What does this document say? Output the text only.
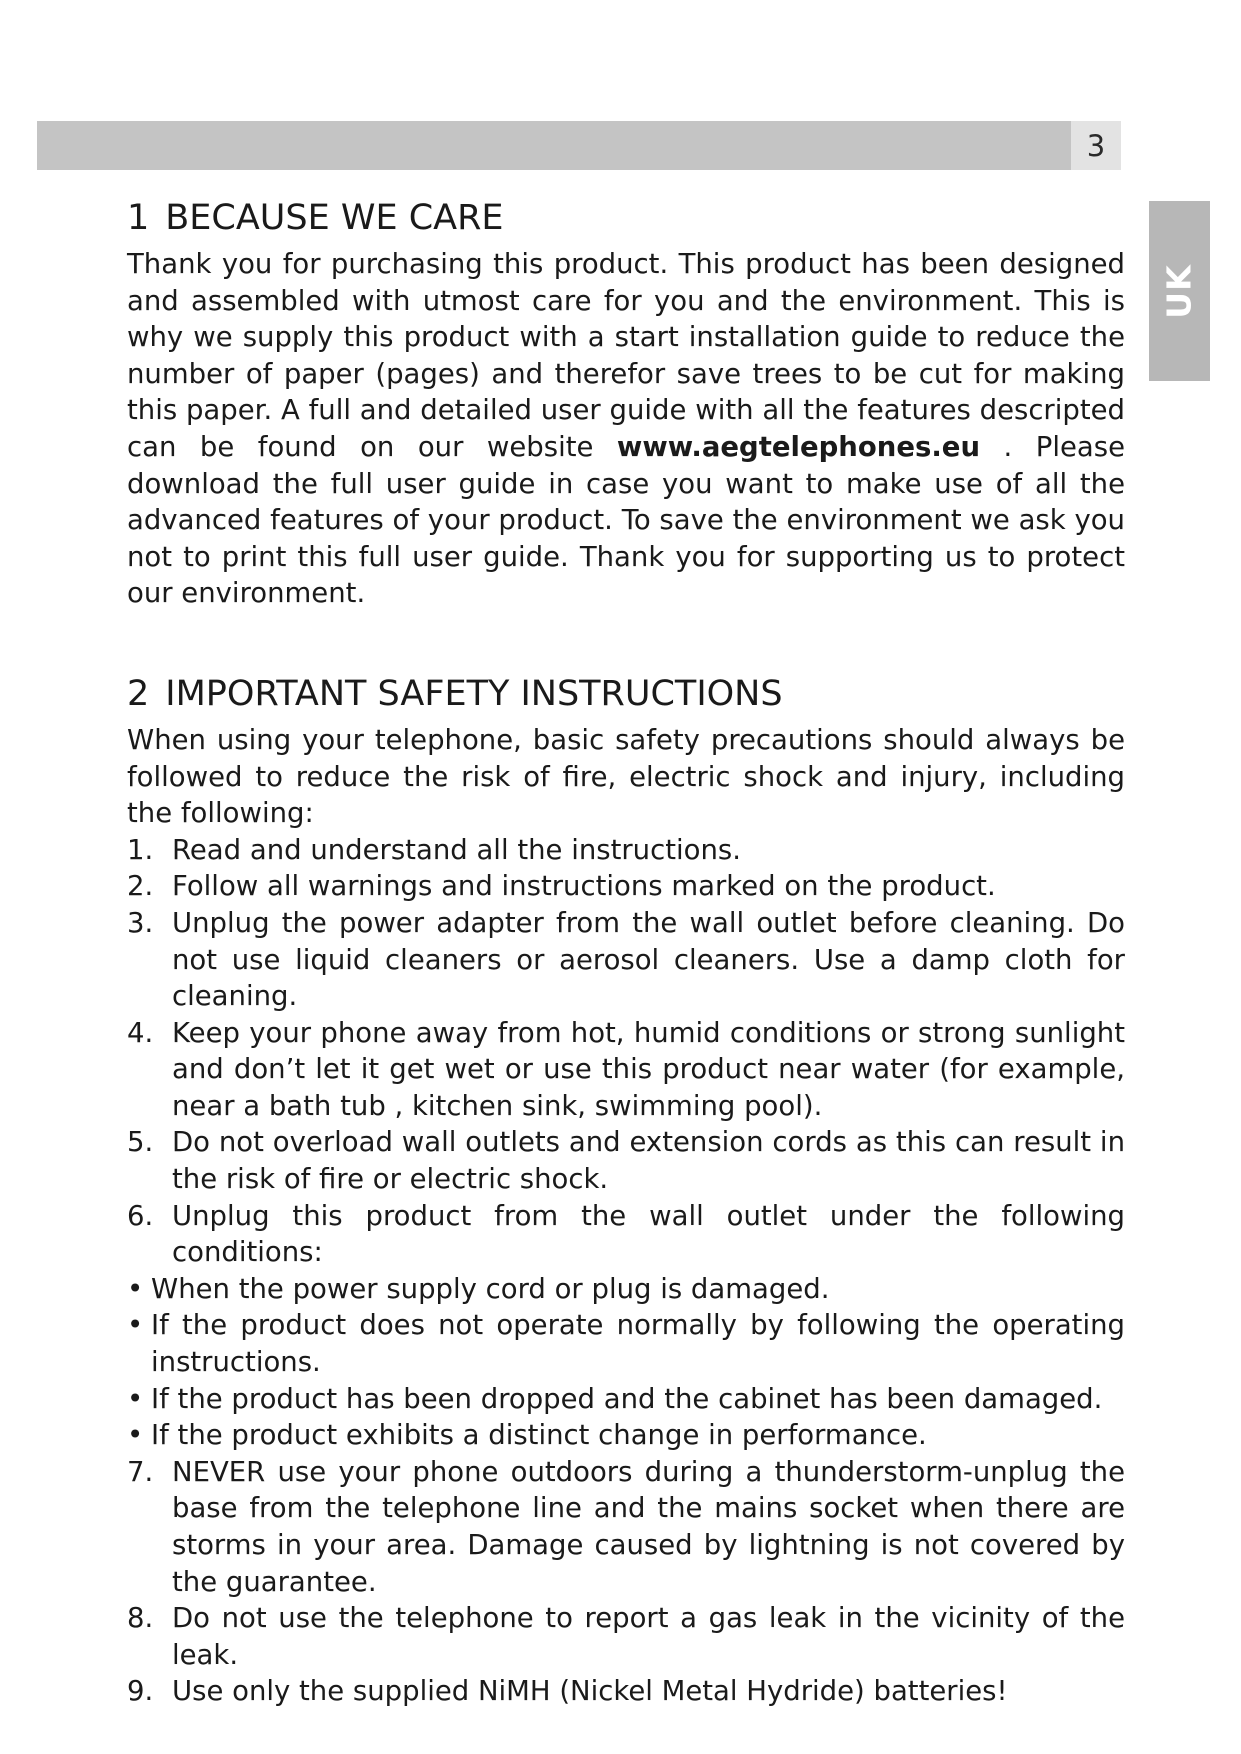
3
UK
1 BECAUSE WE CARE

Thank you for purchasing this product. This product has been designed and assembled with utmost care for you and the environment. This is why we supply this product with a start installation guide to reduce the number of paper (pages) and therefor save trees to be cut for making this paper. A full and detailed user guide with all the features descripted can be found on our website www.aegtelephones.eu . Please download the full user guide in case you want to make use of all the advanced features of your product. To save the environment we ask you not to print this full user guide. Thank you for supporting us to protect our environment.

2 IMPORTANT SAFETY INSTRUCTIONS

When using your telephone, basic safety precautions should always be followed to reduce the risk of fire, electric shock and injury, including the following:

1. Read and understand all the instructions.
2. Follow all warnings and instructions marked on the product.
3. Unplug the power adapter from the wall outlet before cleaning. Do not use liquid cleaners or aerosol cleaners. Use a damp cloth for cleaning.
4. Keep your phone away from hot, humid conditions or strong sunlight and don’t let it get wet or use this product near water (for example, near a bath tub , kitchen sink, swimming pool).
5. Do not overload wall outlets and extension cords as this can result in the risk of fire or electric shock.
6. Unplug this product from the wall outlet under the following conditions:
• When the power supply cord or plug is damaged.
• If the product does not operate normally by following the operating instructions.
• If the product has been dropped and the cabinet has been damaged.
• If the product exhibits a distinct change in performance.
7. NEVER use your phone outdoors during a thunderstorm-unplug the base from the telephone line and the mains socket when there are storms in your area. Damage caused by lightning is not covered by the guarantee.
8. Do not use the telephone to report a gas leak in the vicinity of the leak.
9. Use only the supplied NiMH (Nickel Metal Hydride) batteries!
